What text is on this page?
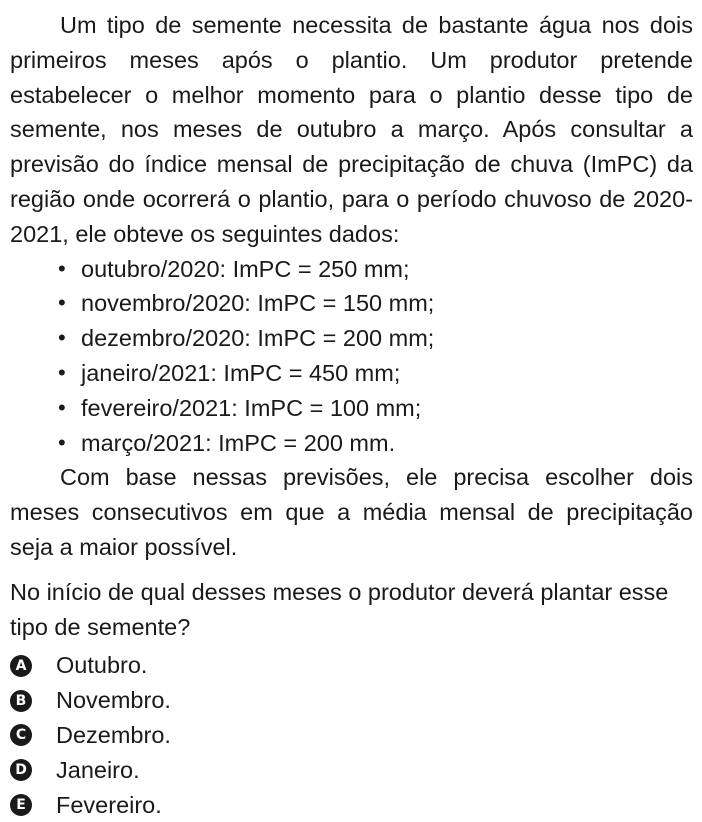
Um tipo de semente necessita de bastante água nos dois primeiros meses após o plantio. Um produtor pretende estabelecer o melhor momento para o plantio desse tipo de semente, nos meses de outubro a março. Após consultar a previsão do índice mensal de precipitação de chuva (ImPC) da região onde ocorrerá o plantio, para o período chuvoso de 2020-2021, ele obteve os seguintes dados:

• outubro/2020: ImPC = 250 mm;
• novembro/2020: ImPC = 150 mm;
• dezembro/2020: ImPC = 200 mm;
• janeiro/2021: ImPC = 450 mm;
• fevereiro/2021: ImPC = 100 mm;
• março/2021: ImPC = 200 mm.

Com base nessas previsões, ele precisa escolher dois meses consecutivos em que a média mensal de precipitação seja a maior possível.

No início de qual desses meses o produtor deverá plantar esse tipo de semente?

A Outubro.
B Novembro.
C Dezembro.
D Janeiro.
E Fevereiro.
